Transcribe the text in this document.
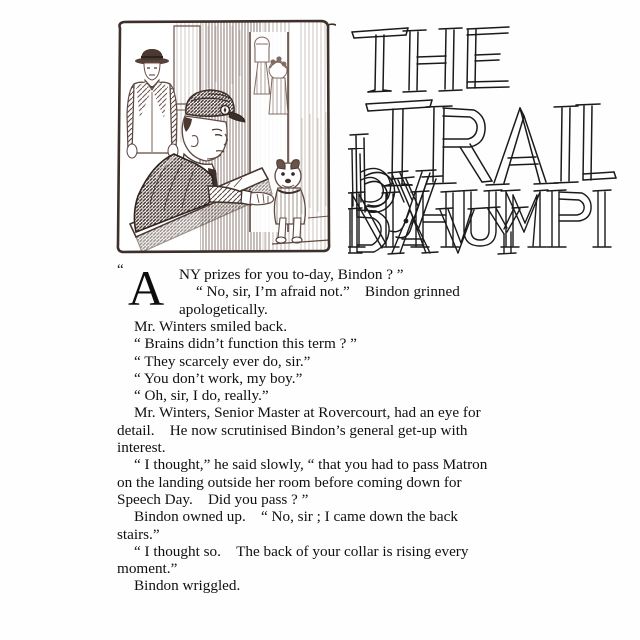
“ A NY prizes for you to-day, Bindon ? ”
“ No, sir, I’m afraid not.” Bindon grinned
apologetically.

Mr. Winters smiled back.

“ Brains didn’t function this term ? ”

“ They scarcely ever do, sir.”

“ You don’t work, my boy.”

“ Oh, sir, I do, really.”

Mr. Winters, Senior Master at Rovercourt, had an eye for
detail. He now scrutinised Bindon’s general get-up with
interest.
“ I thought,” he said slowly, “ that you had to pass Matron
on the landing outside her room before coming down for
Speech Day. Did you pass ? ”
Bindon owned up. “ No, sir ; I came down the back
stairs.”
“ I thought so. The back of your collar is rising every
moment.”

Bindon wriggled.
